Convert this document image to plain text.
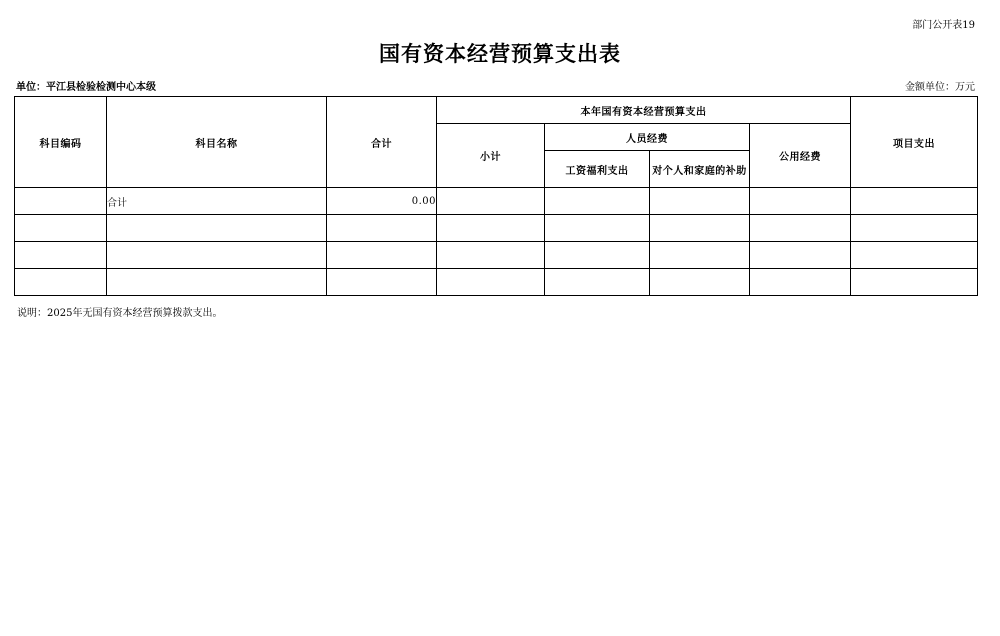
部门公开表19
国有资本经营预算支出表
单位：平江县检验检测中心本级	金额单位：万元
科目编码	科目名称	合计	本年国有资本经营预算支出				项目支出
			小计	人员经费		公用经费	
				工资福利支出	对个人和家庭的补助		
	合计	0.00					

说明：2025年无国有资本经营预算拨款支出。
